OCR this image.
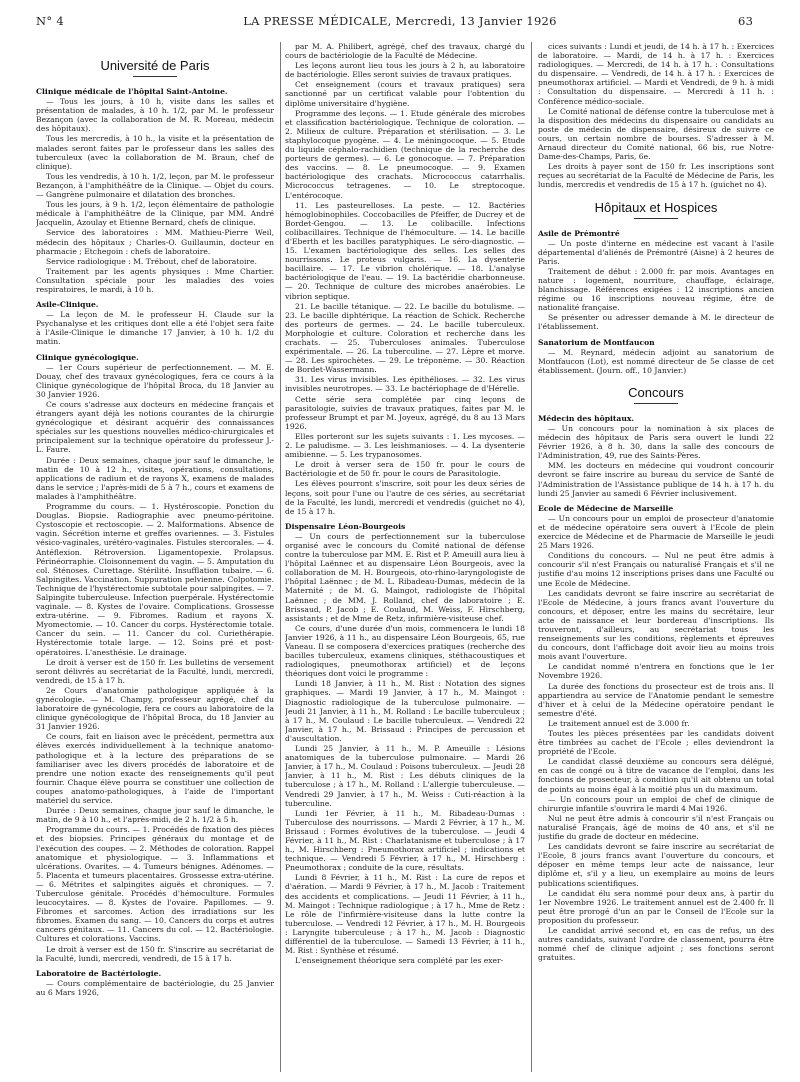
N° 4	LA PRESSE MÉDICALE, Mercredi, 13 Janvier 1926	63
Université de Paris
Clinique médicale de l'hôpital Saint-Antoine.

— Tous les jours, à 10 h, visite dans les salles et présentation de malades, à 10 h. 1/2, par M. le professeur Bezançon (avec la collaboration de M. R. Moreau, médecin des hôpitaux).

Tous les mercredis, à 10 h., la visite et la présentation de malades seront faites par le professeur dans les salles des tuberculeux (avec la collaboration de M. Braun, chef de clinique).

Tous les vendredis, à 10 h. 1/2, leçon, par M. le professeur Bezançon, à l'amphithéâtre de la Clinique. — Objet du cours. — Gangrène pulmonaire et dilatation des bronches.

Tous les jours, à 9 h. 1/2, leçon élémentaire de pathologie médicale à l'amphithéâtre de la Clinique, par MM. André Jacquelin, Azoulay et Etienne Bernard, chefs de clinique.

Service des laboratoires : MM. Mathieu-Pierre Weil, médecin des hôpitaux ; Charles-O. Guillaumin, docteur en pharmacie ; Etchegoin : chefs de laboratoire.

Service radiologique : M. Trébout, chef de laboratoire.

Traitement par les agents physiques : Mme Chartier. Consultation spéciale pour les maladies des voies respiratoires, le mardi, à 10 h.

Asile-Clinique.

— La leçon de M. le professeur H. Claude sur la Psychanalyse et les critiques dont elle a été l'objet sera faite à l'Asile-Clinique le dimanche 17 Janvier, à 10 h. 1/2 du matin.

Clinique gynécologique.

— 1er Cours supérieur de perfectionnement. — M. E. Douay, chef des travaux gynécologiques, fera ce cours à la Clinique gynécologique de l'hôpital Broca, du 18 Janvier au 30 Janvier 1926.

Ce cours s'adresse aux docteurs en médecine français et étrangers ayant déjà les notions courantes de la chirurgie gynécologique et désirant acquérir des connaissances spéciales sur les questions nouvelles médico-chirurgicales et principalement sur la technique opératoire du professeur J.-L. Faure.

Durée : Deux semaines, chaque jour sauf le dimanche, le matin de 10 à 12 h., visites, opérations, consultations, applications de radium et de rayons X, examens de malades dans le service ; l'après-midi de 5 à 7 h., cours et examens de malades à l'amphithéâtre.

Programme du cours. — 1. Hystéroscopie. Ponction du Douglas. Biopsie. Radiographie avec pneumo-péritoine. Cystoscopie et rectoscopie. — 2. Malformations. Absence de vagin. Sécrétion interne et greffes ovariennes. — 3. Fistules vésico-vaginales, urétéro-vaginales. Fistules stercorales. — 4. Antéflexion. Rétroversion. Ligamentopexie. Prolapsus. Périnéorraphie. Cloisonnement du vagin. — 5. Amputation du col. Sténoses. Curettage. Stérilité. Insufflation tubaire. — 6. Salpingites. Vaccination. Suppuration pelvienne. Colpotomie. Technique de l'hystérectomie subtotale pour salpingites. — 7. Salpingite tuberculeuse. Infection puerpérale. Hystérectomie vaginale. — 8. Kystes de l'ovaire. Complications. Grossesse extra-utérine. — 9. Fibromes. Radium et rayons X. Myomectomie. — 10. Cancer du corps. Hystérectomie totale. Cancer du sein. — 11. Cancer du col. Curiethérapie. Hystérectomie totale large. — 12. Soins pré et post-opératoires. L'anesthésie. Le drainage.

Le droit à verser est de 150 fr. Les bulletins de versement seront délivrés au secrétariat de la Faculté, lundi, mercredi, vendredi, de 15 à 17 h.

2e Cours d'anatomie pathologique appliquée à la gynécologie. — M. Champy, professeur agrégé, chef du laboratoire de gynécologie, fera ce cours au laboratoire de la clinique gynécologique de l'hôpital Broca, du 18 Janvier au 31 Janvier 1926.

Ce cours, fait en liaison avec le précédent, permettra aux élèves exercés individuellement à la technique anatomo-pathologique et à la lecture des préparations de se familiariser avec les divers procédés de laboratoire et de prendre une notion exacte des renseignements qu'il peut fournir. Chaque élève pourra se constituer une collection de coupes anatomo-pathologiques, à l'aide de l'important matériel du service.

Durée : Deux semaines, chaque jour sauf le dimanche, le matin, de 9 à 10 h., et l'après-midi, de 2 h. 1/2 à 5 h.

Programme du cours. — 1. Procédés de fixation des pièces et des biopsies. Principes généraux du montage et de l'exécution des coupes. — 2. Méthodes de coloration. Rappel anatomique et physiologique. — 3. Inflammations et ulcérations. Ovarites. — 4. Tumeurs bénignes. Adénomes. — 5. Placenta et tumeurs placentaires. Grossesse extra-utérine. — 6. Métrites et salpingites aiguës et chroniques. — 7. Tuberculose génitale. Procédés d'hémoculture. Formules leucocytaires. — 8. Kystes de l'ovaire. Papillomes. — 9. Fibromes et sarcomes. Action des irradiations sur les fibromes. Examen du sang. — 10. Cancers du corps et autres cancers génitaux. — 11. Cancers du col. — 12. Bactériologie. Cultures et colorations. Vaccins.

Le droit à verser est de 150 fr. S'inscrire au secrétariat de la Faculté, lundi, mercredi, vendredi, de 15 à 17 h.

Laboratoire de Bactériologie.

— Cours complémentaire de bactériologie, du 25 Janvier au 6 Mars 1926,

par M. A. Philibert, agrégé, chef des travaux, chargé du cours de bactériologie de la Faculté de Médecine.

Les leçons auront lieu tous les jours à 2 h, au laboratoire de bactériologie. Elles seront suivies de travaux pratiques.

Cet enseignement (cours et travaux pratiques) sera sanctionné par un certificat valable pour l'obtention du diplôme universitaire d'hygiène.

Programme des leçons. — 1. Etude générale des microbes et classification bactériologique. Technique de coloration. — 2. Milieux de culture. Préparation et stérilisation. — 3. Le staphylocoque pyogène. — 4. Le méningocoque. — 5. Etude du liquide céphalo-rachidien (technique de la recherche des porteurs de germes). — 6. Le gonocoque. — 7. Préparation des vaccins. — 8. Le pneumocoque. — 9. Examen bactériologique des crachats. Micrococcus catarrhalis. Micrococcus tetragenes. — 10. Le streptocoque. L'entérocoque.

11. Les pasteurelloses. La peste. — 12. Bactéries hémoglobinophiles. Coccobacilles de Pfeiffer, de Ducrey et de Bordet-Gengou. — 13. Le colibacille. Infections colibacillaires. Technique de l'hémoculture. — 14. Le bacille d'Eberth et les bacilles paratyphiques. Le séro-diagnostic. — 15. L'examen bactériologique des selles. Les selles des nourrissons. Le proteus vulgaris. — 16. La dysenterie bacillaire. — 17. Le vibrion cholérique. — 18. L'analyse bactériologique de l'eau. — 19. La bactéridie charbonneuse. — 20. Technique de culture des microbes anaérobies. Le vibrion septique.

21. Le bacille tétanique. — 22. Le bacille du botulisme. — 23. Le bacille diphtérique. La réaction de Schick. Recherche des porteurs de germes. — 24. Le bacille tuberculeux. Morphologie et culture. Coloration et recherche dans les crachats. — 25. Tuberculoses animales. Tuberculose expérimentale. — 26. La tuberculine. — 27. Lèpre et morve. — 28. Les spirochètes. — 29. Le tréponème. — 30. Réaction de Bordet-Wassermann.

31. Les virus invisibles. Les épithélioses. — 32. Les virus invisibles neurotropes. — 33. Le bactériophage de d'Hérelle.

Cette série sera complétée par cinq leçons de parasitologie, suivies de travaux pratiques, faites par M. le professeur Brumpt et par M. Joyeux, agrégé, du 8 au 13 Mars 1926.

Elles porteront sur les sujets suivants : 1. Les mycoses. — 2. Le paludisme. — 3. Les leishmanioses. — 4. La dysenterie amibienne. — 5. Les trypanosomes.

Le droit à verser sera de 150 fr. pour le cours de Bactériologie et de 50 fr. pour le cours de Parasitologie.

Les élèves pourront s'inscrire, soit pour les deux séries de leçons, soit pour l'une ou l'autre de ces séries, au secrétariat de la Faculté, les lundi, mercredi et vendredis (guichet no 4), de 15 à 17 h.

Dispensaire Léon-Bourgeois

— Un cours de perfectionnement sur la tuberculose organisé avec le concours du Comité national de défense contre la tuberculose par MM. E. Rist et P. Ameuill aura lieu à l'hôpital Laënnec et au dispensaire Léon Bourgeois, avec la collaboration de M. H. Bourgeois, oto-rhino-laryngologiste de l'hôpital Laënnec ; de M. L. Ribadeau-Dumas, médecin de la Maternité ; de M. G. Maingot, radiologiste de l'hôpital Laënnec ; de MM. J. Rolland, chef de laboratoire ; E. Brissaud, P. Jacob ; E. Coulaud, M. Weiss, F. Hirschberg, assistants ; et de Mme de Retz, infirmière-visiteuse chef.

Ce cours, d'une durée d'un mois, commencera le lundi 18 Janvier 1926, à 11 h., au dispensaire Léon Bourgeois, 65, rue Vaneau. Il se composera d'exercices pratiques (recherche des bacilles tuberculeux, examens cliniques, stéthacoustiques et radiologiques, pneumothorax artificiel) et de leçons théoriques dont voici le programme :

Lundi 18 Janvier, à 11 h., M. Rist : Notation des signes graphiques. — Mardi 19 Janvier, à 17 h., M. Maingot : Diagnostic radiologique de la tuberculose pulmonaire. — Jeudi 21 Janvier, à 11 h., M. Rolland : Le bacille tuberculeux ; à 17 h., M. Coulaud : Le bacille tuberculeux. — Vendredi 22 Janvier, à 17 h., M. Brissaud : Principes de percussion et d'auscultation.

Lundi 25 Janvier, à 11 h., M. P. Ameuille : Lésions anatomiques de la tuberculose pulmonaire. — Mardi 26 Janvier, à 17 h., M. Coulaud : Poisons tuberculeux. — Jeudi 28 Janvier, à 11 h., M. Rist : Les débuts cliniques de la tuberculose ; à 17 h., M. Rolland : L'allergie tuberculeuse. — Vendredi 29 Janvier, à 17 h., M. Weiss : Cuti-réaction à la tuberculine.

Lundi 1er Février, à 11 h., M. Ribadeau-Dumas : Tuberculose des nourrissons. — Mardi 2 Février, à 17 h., M. Brissaud : Formes évolutives de la tuberculose. — Jeudi 4 Février, à 11 h., M. Rist : Charlatanisme et tuberculose ; à 17 h., M. Hirschberg : Pneumothorax artificiel ; indications et technique. — Vendredi 5 Février, à 17 h., M. Hirschberg : Pneumothorax ; conduite de la cure, résultats.

Lundi 8 Février, à 11 h., M. Rist : La cure de repos et d'aération. — Mardi 9 Février, à 17 h., M. Jacob : Traitement des accidents et complications. — Jeudi 11 Février, à 11 h., M. Maingot : Technique radiologique ; à 17 h., Mme de Retz : Le rôle de l'infirmière-visiteuse dans la lutte contre la tuberculose. — Vendredi 12 Février, à 17 h., M. H. Bourgeois : Laryngite tuberculeuse ; à 17 h., M. Jacob : Diagnostic différentiel de la tuberculose. — Samedi 13 Février, à 11 h., M. Rist : Synthèse et résumé.

L'enseignement théorique sera complété par les exer-

cices suivants : Lundi et jeudi, de 14 h. à 17 h. : Exercices de laboratoire. — Mardi, de 14 h. à 17 h. : Exercices radiologiques. — Mercredi, de 14 h. à 17 h. : Consultations du dispensaire. — Vendredi, de 14 h. à 17 h. : Exercices de pneumothorax artificiel. — Mardi et Vendredi, de 9 h. à midi : Consultation du dispensaire. — Mercredi à 11 h. : Conférence médico-sociale.

Le Comité national de défense contre la tuberculose met à la disposition des médecins du dispensaire ou candidats au poste de médecin de dispensaire, désireux de suivre ce cours, un certain nombre de bourses. S'adresser à M. Arnaud directeur du Comité national, 66 bis, rue Notre-Dame-des-Champs, Paris, 6e.

Les droits à payer sont de 150 fr. Les inscriptions sont reçues au secrétariat de la Faculté de Médecine de Paris, les lundis, mercredis et vendredis de 15 à 17 h. (guichet no 4).

Hôpitaux et Hospices
Asile de Prémontré

— Un poste d'interne en médecine est vacant à l'asile départemental d'aliénés de Prémontré (Aisne) à 2 heures de Paris.

Traitement de début : 2.000 fr. par mois. Avantages en nature : logement, nourriture, chauffage, éclairage, blanchissage. Références exigées : 12 inscriptions ancien régime ou 16 inscriptions nouveau régime, être de nationalité française.

Se présenter ou adresser demande à M. le directeur de l'établissement.

Sanatorium de Montfaucon

— M. Reynard, médecin adjoint au sanatorium de Montfaucon (Lot), est nommé directeur de 5e classe de cet établissement. (Journ. off., 10 Janvier.)

Concours
Médecin des hôpitaux.

— Un concours pour la nomination à six places de médecin des hôpitaux de Paris sera ouvert le lundi 22 Février 1926, à 8 h. 30, dans la salle des concours de l'Administration, 49, rue des Saints-Pères.

MM. les docteurs en médecine qui voudront concourir devront se faire inscrire au bureau du service de Santé de l'Administration de l'Assistance publique de 14 h. à 17 h. du lundi 25 Janvier au samedi 6 Février inclusivement.

Ecole de Médecine de Marseille

— Un concours pour un emploi de prosecteur d'anatomie et de médecine opératoire sera ouvert à l'Ecole de plein exercice de Médecine et de Pharmacie de Marseille le jeudi 25 Mars 1926.

Conditions du concours. — Nul ne peut être admis à concourir s'il n'est Français ou naturalisé Français et s'il ne justifie d'au moins 12 inscriptions prises dans une Faculté ou une Ecole de Médecine.

Les candidats devront se faire inscrire au secrétariat de l'Ecole de Médecine, à jours francs avant l'ouverture du concours, et déposer, entre les mains du secrétaire, leur acte de naissance et leur bordereau d'inscriptions. Ils trouveront, d'ailleurs, au secrétariat tous les renseignements sur les conditions, règlements et épreuves du concours, dont l'affichage doit avoir lieu au moins trois mois avant l'ouverture.

Le candidat nommé n'entrera en fonctions que le 1er Novembre 1926.

La durée des fonctions du prosecteur est de trois ans. Il appartiendra au service de l'Anatomie pendant le semestre d'hiver et à celui de la Médecine opératoire pendant le semestre d'été.

Le traitement annuel est de 3.000 fr.

Toutes les pièces présentées par les candidats doivent être timbrées au cachet de l'Ecole ; elles deviendront la propriété de l'Ecole.

Le candidat classé deuxième au concours sera délégué, en cas de congé ou à titre de vacance de l'emploi, dans les fonctions de prosecteur, à condition qu'il ait obtenu un total de points au moins égal à la moitié plus un du maximum.

— Un concours pour un emploi de chef de clinique de chirurgie infantile s'ouvrira le mardi 4 Mai 1926.

Nul ne peut être admis à concourir s'il n'est Français ou naturalisé Français, âgé de moins de 40 ans, et s'il ne justifie du grade de docteur en médecine.

Les candidats devront se faire inscrire au secrétariat de l'Ecole, 8 jours francs avant l'ouverture du concours, et déposer en même temps leur acte de naissance, leur diplôme et, s'il y a lieu, un exemplaire au moins de leurs publications scientifiques.

Le candidat élu sera nommé pour deux ans, à partir du 1er Novembre 1926. Le traitement annuel est de 2.400 fr. Il peut être prorogé d'un an par le Conseil de l'Ecole sur la proposition du professeur.

Le candidat arrivé second et, en cas de refus, un des autres candidats, suivant l'ordre de classement, pourra être nommé chef de clinique adjoint ; ses fonctions seront gratuites.
